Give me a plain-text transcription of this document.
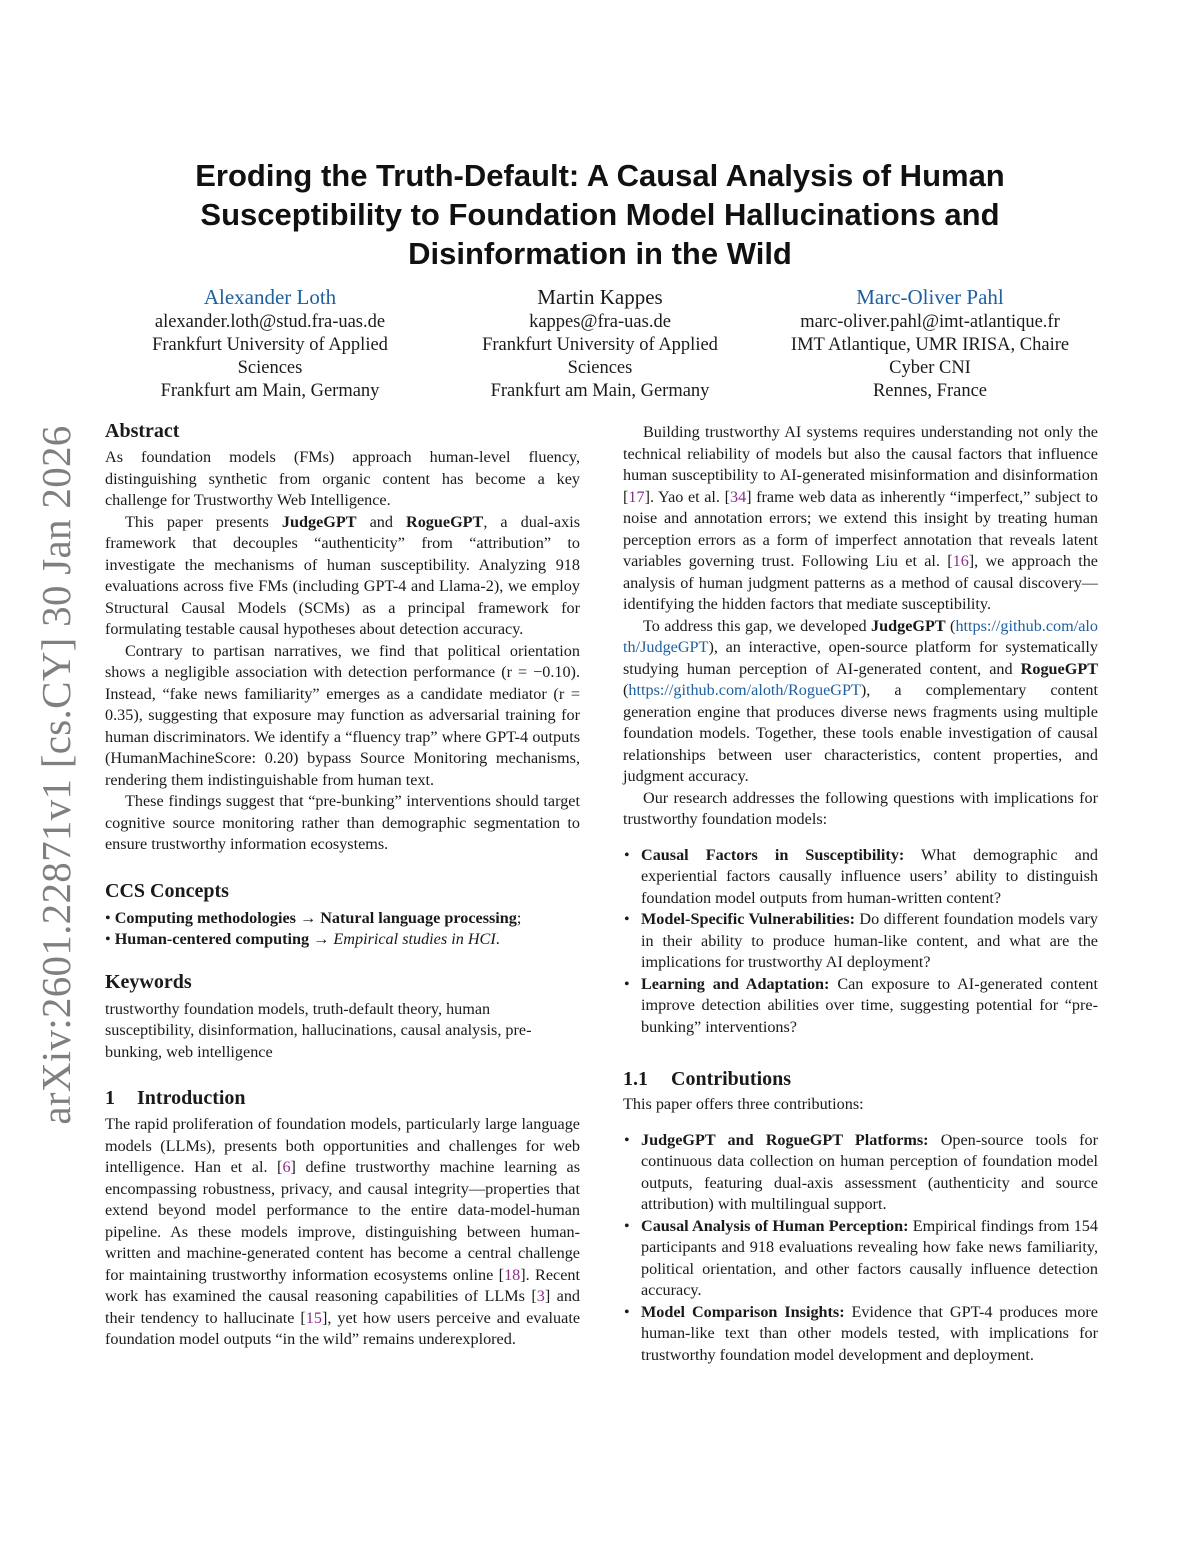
arXiv:2601.22871v1 [cs.CY] 30 Jan 2026
Eroding the Truth-Default: A Causal Analysis of Human Susceptibility to Foundation Model Hallucinations and Disinformation in the Wild
Alexander Loth
alexander.loth@stud.fra-uas.de
Frankfurt University of Applied
Sciences
Frankfurt am Main, Germany
Martin Kappes
kappes@fra-uas.de
Frankfurt University of Applied
Sciences
Frankfurt am Main, Germany
Marc-Oliver Pahl
marc-oliver.pahl@imt-atlantique.fr
IMT Atlantique, UMR IRISA, Chaire
Cyber CNI
Rennes, France
Abstract

As foundation models (FMs) approach human-level fluency, distinguishing synthetic from organic content has become a key challenge for Trustworthy Web Intelligence.

This paper presents JudgeGPT and RogueGPT, a dual-axis framework that decouples “authenticity” from “attribution” to investigate the mechanisms of human susceptibility. Analyzing 918 evaluations across five FMs (including GPT-4 and Llama-2), we employ Structural Causal Models (SCMs) as a principal framework for formulating testable causal hypotheses about detection accuracy.

Contrary to partisan narratives, we find that political orientation shows a negligible association with detection performance (r = −0.10). Instead, “fake news familiarity” emerges as a candidate mediator (r = 0.35), suggesting that exposure may function as adversarial training for human discriminators. We identify a “fluency trap” where GPT-4 outputs (HumanMachineScore: 0.20) bypass Source Monitoring mechanisms, rendering them indistinguishable from human text.

These findings suggest that “pre-bunking” interventions should target cognitive source monitoring rather than demographic segmentation to ensure trustworthy information ecosystems.

CCS Concepts

• Computing methodologies → Natural language processing;

• Human-centered computing → Empirical studies in HCI.

Keywords

trustworthy foundation models, truth-default theory, human susceptibility, disinformation, hallucinations, causal analysis, pre-bunking, web intelligence

1 Introduction

The rapid proliferation of foundation models, particularly large language models (LLMs), presents both opportunities and challenges for web intelligence. Han et al. [6] define trustworthy machine learning as encompassing robustness, privacy, and causal integrity—properties that extend beyond model performance to the entire data-model-human pipeline. As these models improve, distinguishing between human-written and machine-generated content has become a central challenge for maintaining trustworthy information ecosystems online [18]. Recent work has examined the causal reasoning capabilities of LLMs [3] and their tendency to hallucinate [15], yet how users perceive and evaluate foundation model outputs “in the wild” remains underexplored.

Building trustworthy AI systems requires understanding not only the technical reliability of models but also the causal factors that influence human susceptibility to AI-generated misinformation and disinformation [17]. Yao et al. [34] frame web data as inherently “imperfect,” subject to noise and annotation errors; we extend this insight by treating human perception errors as a form of imperfect annotation that reveals latent variables governing trust. Following Liu et al. [16], we approach the analysis of human judgment patterns as a method of causal discovery—identifying the hidden factors that mediate susceptibility.

To address this gap, we developed JudgeGPT (https://github.com/aloth/JudgeGPT), an interactive, open-source platform for systematically studying human perception of AI-generated content, and RogueGPT (https://github.com/aloth/RogueGPT), a complementary content generation engine that produces diverse news fragments using multiple foundation models. Together, these tools enable investigation of causal relationships between user characteristics, content properties, and judgment accuracy.

Our research addresses the following questions with implications for trustworthy foundation models:

• Causal Factors in Susceptibility: What demographic and experiential factors causally influence users’ ability to distinguish foundation model outputs from human-written content?
• Model-Specific Vulnerabilities: Do different foundation models vary in their ability to produce human-like content, and what are the implications for trustworthy AI deployment?
• Learning and Adaptation: Can exposure to AI-generated content improve detection abilities over time, suggesting potential for “pre-bunking” interventions?
1.1 Contributions

This paper offers three contributions:

• JudgeGPT and RogueGPT Platforms: Open-source tools for continuous data collection on human perception of foundation model outputs, featuring dual-axis assessment (authenticity and source attribution) with multilingual support.
• Causal Analysis of Human Perception: Empirical findings from 154 participants and 918 evaluations revealing how fake news familiarity, political orientation, and other factors causally influence detection accuracy.
• Model Comparison Insights: Evidence that GPT-4 produces more human-like text than other models tested, with implications for trustworthy foundation model development and deployment.
